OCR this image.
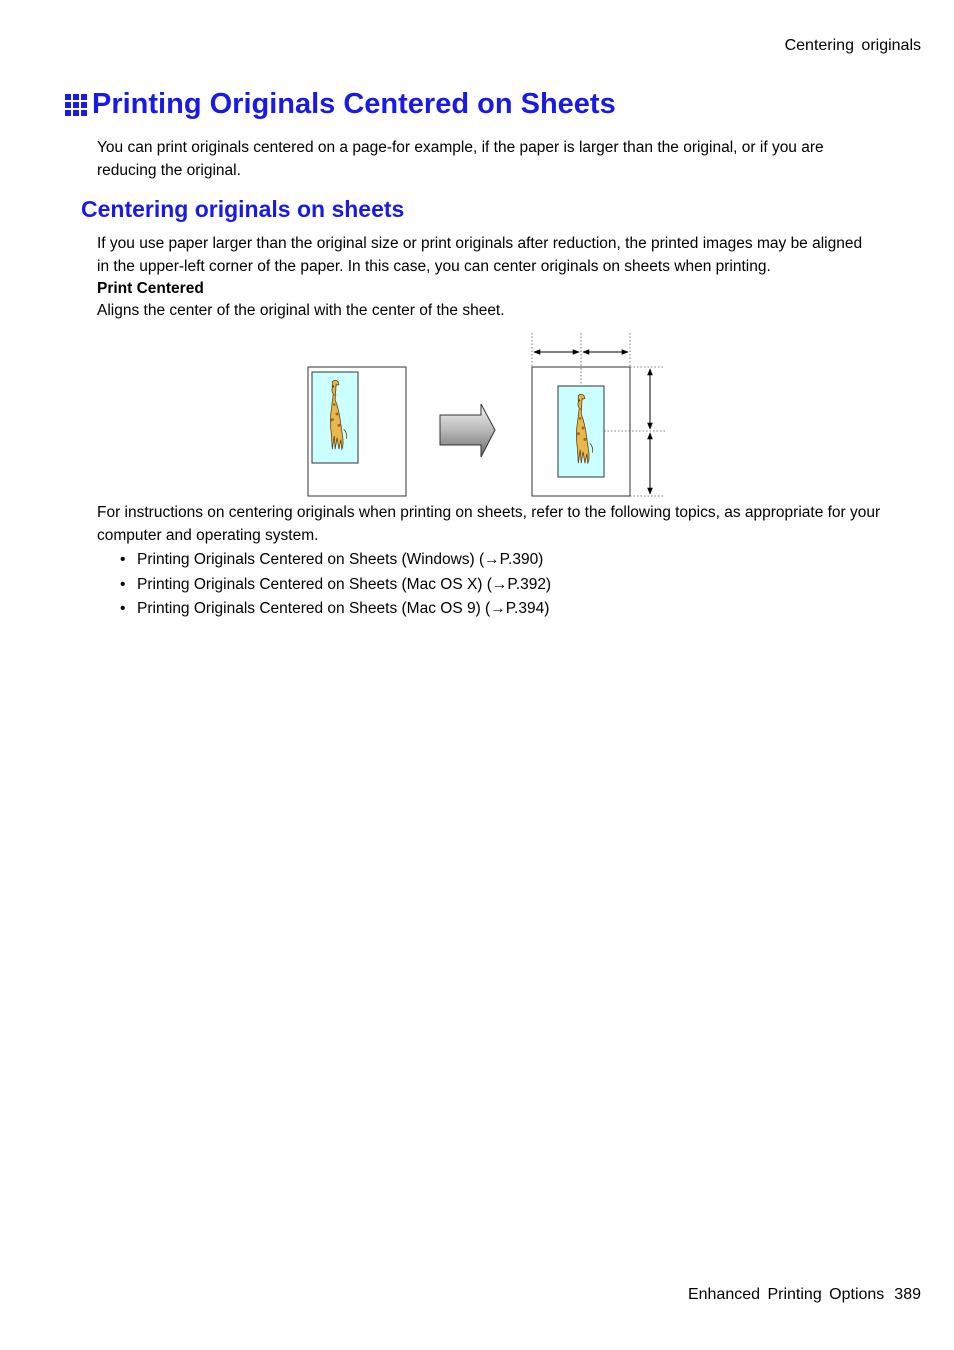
Centering originals
Printing Originals Centered on Sheets

You can print originals centered on a page-for example, if the paper is larger than the original, or if you are reducing the original.

Centering originals on sheets

If you use paper larger than the original size or print originals after reduction, the printed images may be aligned in the upper-left corner of the paper. In this case, you can center originals on sheets when printing.

Print Centered

Aligns the center of the original with the center of the sheet.

For instructions on centering originals when printing on sheets, refer to the following topics, as appropriate for your computer and operating system.

• Printing Originals Centered on Sheets (Windows) (→P.390)
• Printing Originals Centered on Sheets (Mac OS X) (→P.392)
• Printing Originals Centered on Sheets (Mac OS 9) (→P.394)
Enhanced Printing Options 389
